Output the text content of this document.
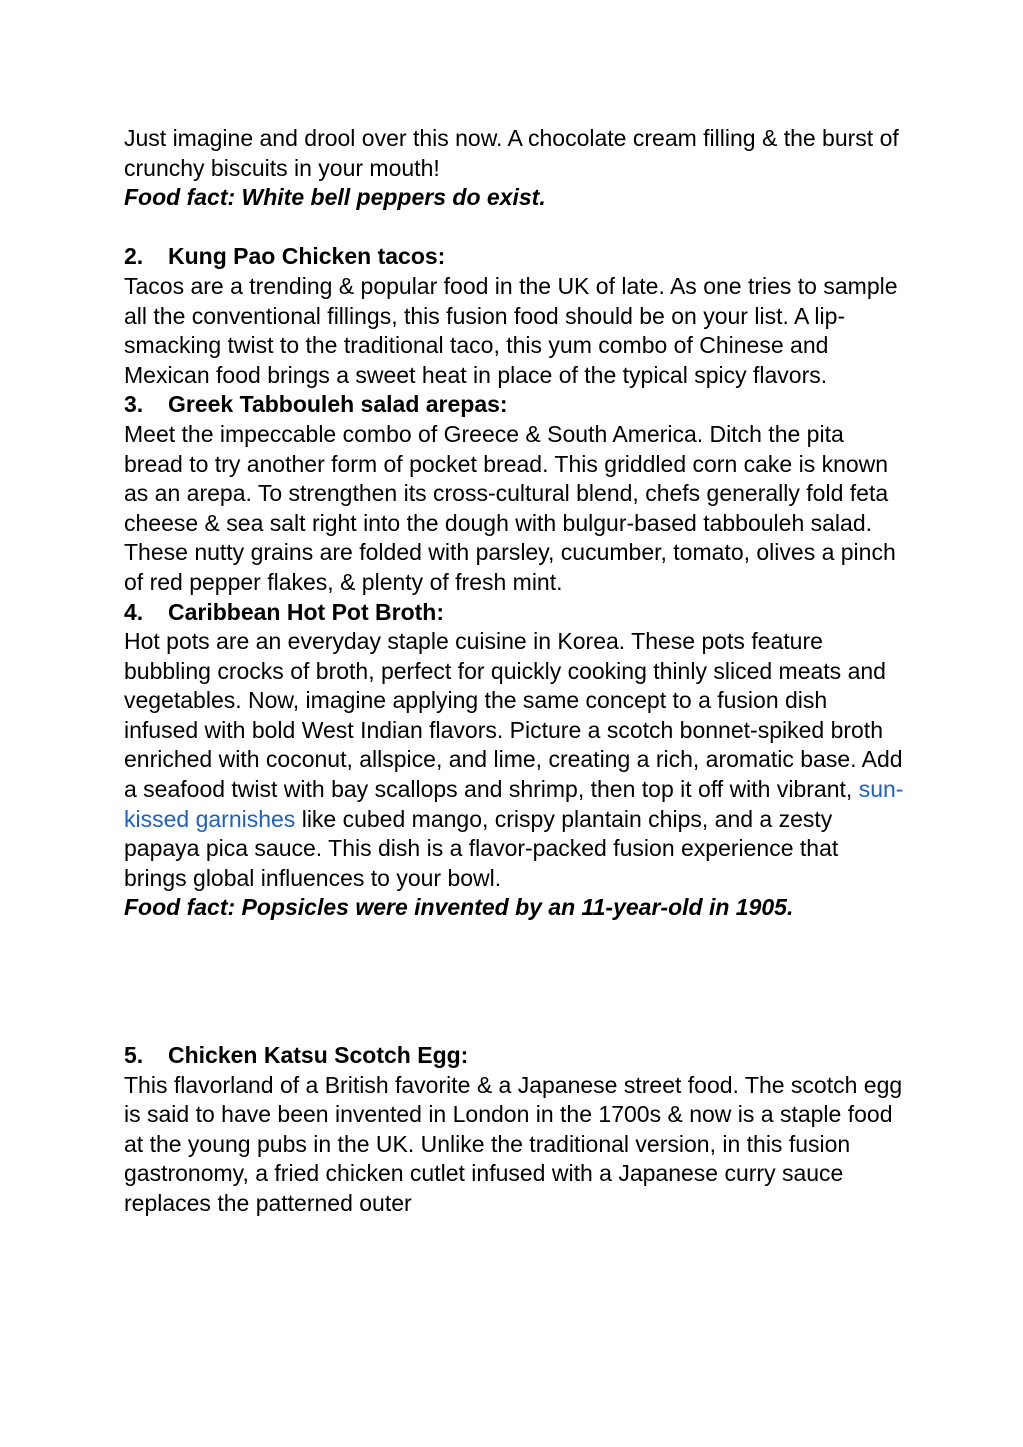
Just imagine and drool over this now. A chocolate cream filling & the burst of crunchy biscuits in your mouth!

Food fact: White bell peppers do exist.

2.	Kung Pao Chicken tacos:

Tacos are a trending & popular food in the UK of late. As one tries to sample all the conventional fillings, this fusion food should be on your list. A lip-smacking twist to the traditional taco, this yum combo of Chinese and Mexican food brings a sweet heat in place of the typical spicy flavors.

3.	Greek Tabbouleh salad arepas:

Meet the impeccable combo of Greece & South America. Ditch the pita bread to try another form of pocket bread. This griddled corn cake is known as an arepa. To strengthen its cross-cultural blend, chefs generally fold feta cheese & sea salt right into the dough with bulgur-based tabbouleh salad. These nutty grains are folded with parsley, cucumber, tomato, olives a pinch of red pepper flakes, & plenty of fresh mint.

4.	Caribbean Hot Pot Broth:

Hot pots are an everyday staple cuisine in Korea. These pots feature bubbling crocks of broth, perfect for quickly cooking thinly sliced meats and vegetables. Now, imagine applying the same concept to a fusion dish infused with bold West Indian flavors. Picture a scotch bonnet-spiked broth enriched with coconut, allspice, and lime, creating a rich, aromatic base. Add a seafood twist with bay scallops and shrimp, then top it off with vibrant, sun-kissed garnishes like cubed mango, crispy plantain chips, and a zesty papaya pica sauce. This dish is a flavor-packed fusion experience that brings global influences to your bowl.

Food fact: Popsicles were invented by an 11-year-old in 1905.

5.	Chicken Katsu Scotch Egg:

This flavorland of a British favorite & a Japanese street food. The scotch egg is said to have been invented in London in the 1700s & now is a staple food at the young pubs in the UK. Unlike the traditional version, in this fusion gastronomy, a fried chicken cutlet infused with a Japanese curry sauce replaces the patterned outer
